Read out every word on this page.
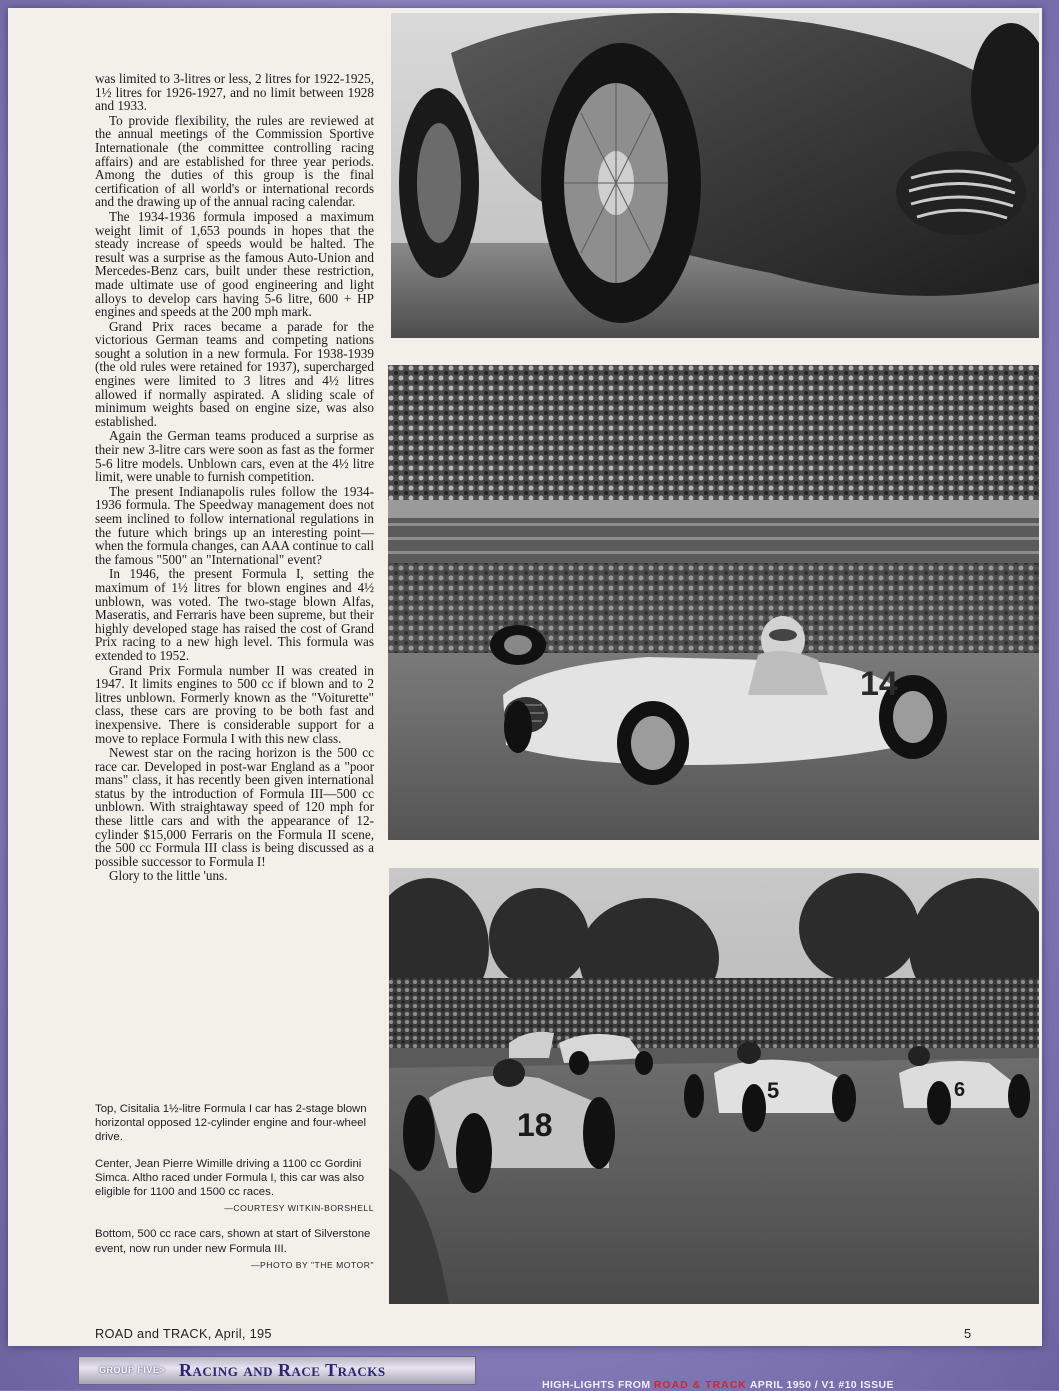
was limited to 3-litres or less, 2 litres for 1922-1925, 1½ litres for 1926-1927, and no limit between 1928 and 1933.

To provide flexibility, the rules are reviewed at the annual meetings of the Commission Sportive Internationale (the committee controlling racing affairs) and are established for three year periods. Among the duties of this group is the final certification of all world's or international records and the drawing up of the annual racing calendar.

The 1934-1936 formula imposed a maximum weight limit of 1,653 pounds in hopes that the steady increase of speeds would be halted. The result was a surprise as the famous Auto-Union and Mercedes-Benz cars, built under these restriction, made ultimate use of good engineering and light alloys to develop cars having 5-6 litre, 600 + HP engines and speeds at the 200 mph mark.

Grand Prix races became a parade for the victorious German teams and competing nations sought a solution in a new formula. For 1938-1939 (the old rules were retained for 1937), supercharged engines were limited to 3 litres and 4½ litres allowed if normally aspirated. A sliding scale of minimum weights based on engine size, was also established.

Again the German teams produced a surprise as their new 3-litre cars were soon as fast as the former 5-6 litre models. Unblown cars, even at the 4½ litre limit, were unable to furnish competition.

The present Indianapolis rules follow the 1934-1936 formula. The Speedway management does not seem inclined to follow international regulations in the future which brings up an interesting point—when the formula changes, can AAA continue to call the famous "500" an "International" event?

In 1946, the present Formula I, setting the maximum of 1½ litres for blown engines and 4½ unblown, was voted. The two-stage blown Alfas, Maseratis, and Ferraris have been supreme, but their highly developed stage has raised the cost of Grand Prix racing to a new high level. This formula was extended to 1952.

Grand Prix Formula number II was created in 1947. It limits engines to 500 cc if blown and to 2 litres unblown. Formerly known as the "Voiturette" class, these cars are proving to be both fast and inexpensive. There is considerable support for a move to replace Formula I with this new class.

Newest star on the racing horizon is the 500 cc race car. Developed in post-war England as a "poor mans" class, it has recently been given international status by the introduction of Formula III—500 cc unblown. With straightaway speed of 120 mph for these little cars and with the appearance of 12-cylinder $15,000 Ferraris on the Formula II scene, the 500 cc Formula III class is being discussed as a possible successor to Formula I!

Glory to the little 'uns.

14
18
5	6

Top, Cisitalia 1½-litre Formula I car has 2-stage blown horizontal opposed 12-cylinder engine and four-wheel drive.

Center, Jean Pierre Wimille driving a 1100 cc Gordini Simca. Altho raced under Formula I, this car was also eligible for 1100 and 1500 cc races.

—COURTESY WITKIN-BORSHELL

Bottom, 500 cc race cars, shown at start of Silverstone event, now run under new Formula III.

—PHOTO BY "THE MOTOR"

ROAD and TRACK, April, 195	5
GROUP FIVE> Racing and Race Tracks
HIGH-LIGHTS FROM ROAD & TRACK APRIL 1950 / V1 #10 ISSUE
